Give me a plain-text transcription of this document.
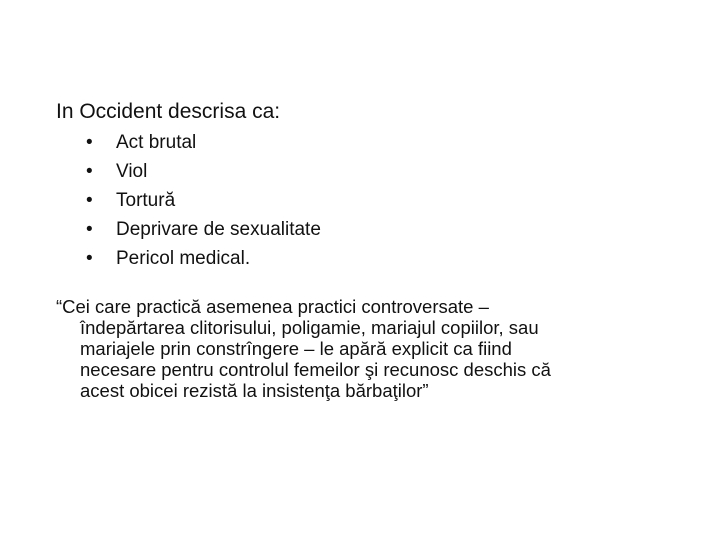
In Occident descrisa ca:
•	Act brutal
•	Viol
•	Tortură
•	Deprivare de sexualitate
•	Pericol medical.
“Cei care practică asemenea practici controversate –
îndepărtarea clitorisului, poligamie, mariajul copiilor, sau
mariajele prin constrîngere – le apără explicit ca fiind
necesare pentru controlul femeilor şi recunosc deschis că
acest obicei rezistă la insistenţa bărbaţilor”
